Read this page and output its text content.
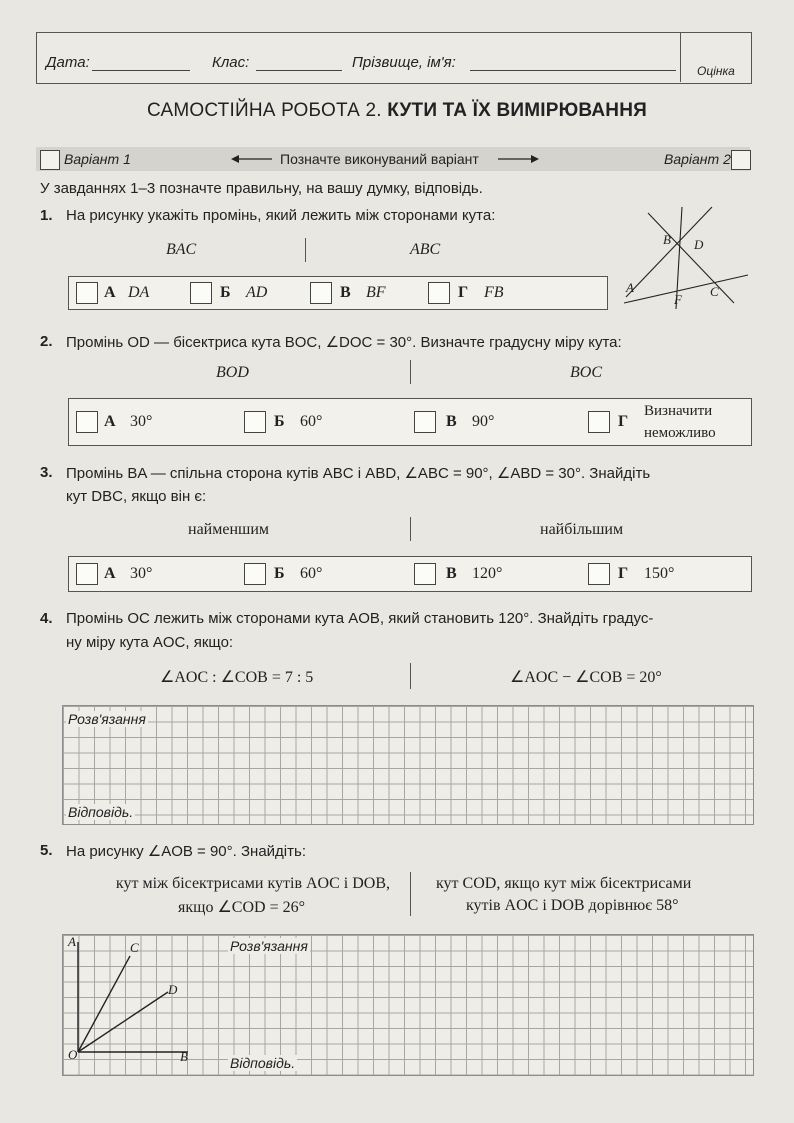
Дата:	Клас:	Прізвище, ім'я:	Оцінка
САМОСТІЙНА РОБОТА 2. КУТИ ТА ЇХ ВИМІРЮВАННЯ
Варіант 1	Позначте виконуваний варіант	Варіант 2
У завданнях 1–3 позначте правильну, на вашу думку, відповідь.
1. На рисунку укажіть промінь, який лежить між сторонами кута:
BAC	ABC
А DA	Б AD	В BF	Г FB
B D
A
F
C
2. Промінь OD — бісектриса кута BOC, ∠DOC = 30°. Визначте градусну міру кута:
BOD	BOC
А 30°	Б 60°	В 90°	Г
Визначити
неможливо
3. Промінь BA — спільна сторона кутів ABC і ABD, ∠ABC = 90°, ∠ABD = 30°. Знайдіть
кут DBC, якщо він є:
найменшим	найбільшим
А 30°	Б 60°	В 120°	Г 150°
4. Промінь OC лежить між сторонами кута AOB, який становить 120°. Знайдіть градус-
ну міру кута AOC, якщо:
∠AOC : ∠COB = 7 : 5	∠AOC − ∠COB = 20°
Розв'язання
Відповідь.
5. На рисунку ∠AOB = 90°. Знайдіть:
кут між бісектрисами кутів AOC і DOB,
якщо ∠COD = 26°
кут COD, якщо кут між бісектрисами
кутів AOC і DOB дорівнює 58°
Розв'язання
Відповідь.
A	C
D
O	B
